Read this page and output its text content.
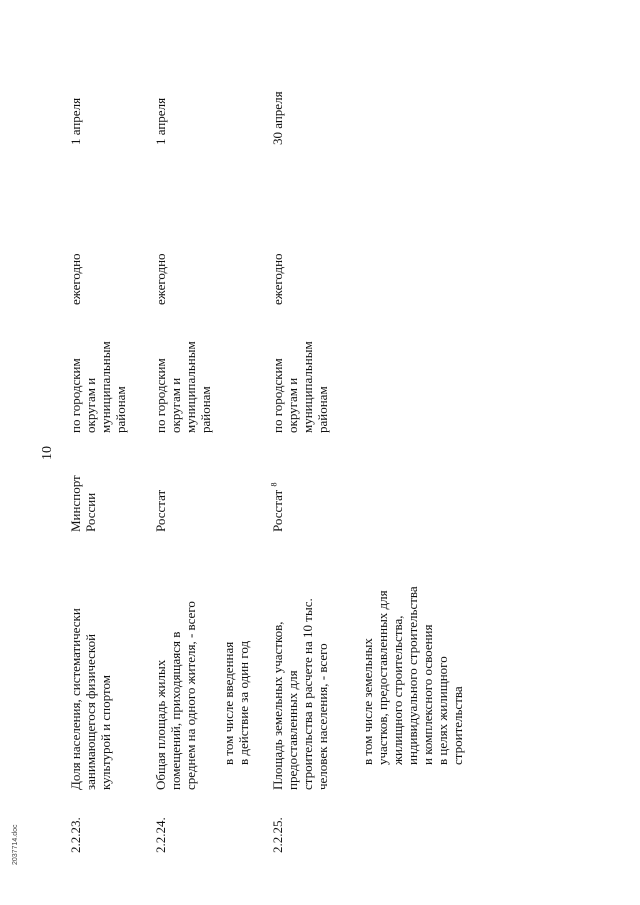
10
2.2.23.
Доля населения, систематически
занимающегося физической
культурой и спортом
Минспорт России
по городским
округам и
муниципальным
районам
ежегодно
1 апреля
2.2.24.
Общая площадь жилых
помещений, приходящаяся в
среднем на одного жителя, - всего
в том числе введенная
в действие за один год
Росстат
по городским
округам и
муниципальным
районам
ежегодно
1 апреля
2.2.25.
Площадь земельных участков,
предоставленных для
строительства в расчете на 10 тыс.
человек населения, - всего
в том числе земельных
участков, предоставленных для
жилищного строительства,
индивидуального строительства
и комплексного освоения
в целях жилищного
строительства
Росстат $^8$
по городским
округам и
муниципальным
районам
ежегодно
30 апреля
2037714.doc
